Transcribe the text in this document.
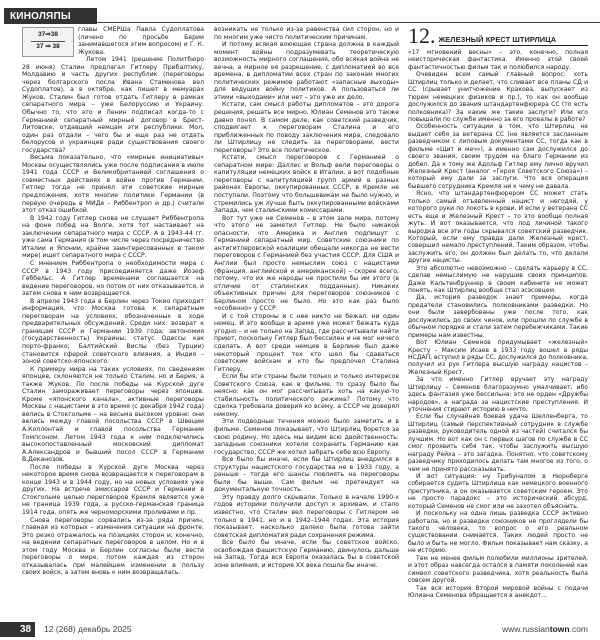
КИНОЛЯПЫ
37⇒38
37 ⇒ 38

главы СМЕРШа Павла Судоплатова (личено по просьбе Берии занимавшегося этим вопросом) и Г. К. Жукова.

Летом 1941 (решение Политбюро 28 июня) Сталин предлагал Гитлеру Прибалтику, Молдавию и часть других республик (переговоры через болгарского посла Ивана Стаменова вел Судоплатов), а в октябре, как пишет в мемуарах Жуков, Сталин был готов отдать Гитлеру в рамках сепаратного мира – уже Белоруссию и Украину. Обычно то, что это и Ленин подписал когда-то с Германией сепаратный мирный договор в Брест-Литовске, отдавший немцам эти республики. Мол, один раз отдали – чего бы и еще раз не отдать белорусов и украинцев ради существования своего государства?

Весьма показательно, что «мирные инициативы» Москвы осуществлялись уже после подписания в июле 1941 года СССР и Великобританией соглашения о совместных действиях в войне против Германии. Гитлер тогда не принял эти советские мирные предложения, хотя многие политики Германии (в первую очередь в МИДе – Риббентроп и др.) считали этот отказ ошибкой.

В 1942 году Гитлер снова не слушает Риббентропа на фоне побед на Волге, хотя тот настаивает на заключении сепаратного мира с СССР. А в 1943-44 гг. уже сама Германия (в том числе через посредничество Италии и Японии, крайне заинтересованных в таком мире) ищет сепаратного мира с СССР.

С мнением Риббентропа о необходимости мира с СССР в 1943 году присоединяется даже Йозеф Геббельс. А Гитлер временами соглашается на ведение переговоров, но потом от них отказывается, и затем снова к ним возвращается.

В апреле 1943 года в Берлин через Токио приходит информация, что Москва готова к сепаратным переговорам на условиях, обозначенных в ходе предварительных обсуждений. Среди них: возврат к границам СССР и Германии 1939 года; автономия (государственность) Украины; статус Одессы как порто-франко; Балтийский Вислы (без Турции) становится сферой советского влияния, а Индия – зоной советско-японского.

К примеру мира на таких условиях, по сведениям японцев, склоняются не только Сталин, но и Берия, а также Жуков. По после победы на Курской дуге Сталин замораживает переговоры через японцев. Кроме «японского канала», активные переговоры Москвы с нацистами в это время (с декабря 1942 года) велись в Стокгольме – на весьма высоком уровне: они велись между главой посольства СССР в Швеции А.Коллонтай и главой посольства Германии Томпсоном. Летом 1943 года к ним подключились высокопоставленный московский дипломат А.Александров и бывший посол СССР в Германии В.Деканозов.

После победы в Курской дуге Москва через некоторое время снова возвращается к переговорам в конце 1943 и в 1944 году, но на новых условиях уже других. На встрече эмиссаров СССР и Германии в Стокгольме целью переговоров Кремля является уже не граница 1939 года, а русско-германская граница 1914 года, опять же черноморскими проливами и пр.

Снова переговоры сорвались из-за ряда причин, главная из которых – изменения ситуации на фронте. Это резко отражалось на позициях сторон и, конечно, на ведении сепаратных переговоров в целом. Но и в этом году Москва и Берлин согласны были вести переговоры о мире, потом каждая из сторон отказывалась при малейшем изменении в пользу своих войск, а затем вновь к ним возвращалась.

возникать не только из-за равенства сил сторон, но и по многим уже чисто политическим причинам.

И потому всякая воюющая страна должна в каждый момент войны подразумевать теоретическую возможность мирного соглашения, обо всякая война не вечна, а мирное ее разрешение, с дипломатией во все времена, в дипломатии всех стран по законам многих политических режимов работают «запасные выходы» для ведущих войну политиков. А пользоваться ли этими «выходами» или нет – это уже их дело.

Кстати, сам смысл работы дипломатов – это дорога решения, решать все мирно. Юлиан Семенов это также давно понял. В самом деле, как советский разведчик, сподвигает к переговорам Сталина и его приближенных по поводу заключения мира, следовало ли Штирлицу не следить за переговорами, вести переговоры? Это все политическое.

Кстати, смысл переговоров с Германией о сепаратном мире: Даллес и Вольф вели переговоры о капитуляции немецких войск в Италии, а вот подобные переговоры с капитуляцией групп армий в разных районах Европы, оккупированных СССР, в Кремле не поступали. Поэтому что большевикам не было нужно, и стремились уж лучше быть оккупированными войсками Запада, чем сталинскими комиссарами.

Вот тут уже не Семенов – в этом зале мира, потому что этого не заметил Гитлер. Не было никакой опасности, что Америка и Англия подпишут с Германией сепаратный мир. Советские союзники по антигитлеровской коалиции обещали никогда не вести переговоров с Германией без участия СССР. Для США и Англии был просто немыслим союз с нацистами (Франция, английской и американской) – скорее всего, потому, что их же народы не простили бы им этого (в отличие от сталинских подданных). Никаких объективных причин для переговоров союзников с Берлином просто не было. Но это как раз было «особенно» у СССР.

И с той стороны и с нее никто не бежал. ни один немец. И это вообще в аремя уже может бежать куда угодно – и не только на Запад, где рассчитывали найти приют, поскольку Гитлер был бессилен и не мог ничего сделать. А вот среди немцев в Берлине был даже некоторый процент тех кто шел бы сдаваться советским войскам и кто бы предпочел Сталина Гитлеру.

Если бы эти страны были только и только интересов Советского Союза, как в фильме, то сразу было бы неясно: как он мог рассчитывать хоть на какую-то стабильность политического режима? Потому что сделка требовала доверия ко всему, а СССР не доверял никому.

Эти подводные течения можно было заметить и в фильме. Семенов показывает, что Штирлиц борется за свою родину. Но здесь мы видим всю двойственность: западные союзники хотели сохранить Германию как государство, СССР же хотел забрать себе всю Европу.

Все было бы иначе, если бы Штирлиц внедрился в структуры нацистского государства не в 1933 году, а раньше – тогда его шансы повлиять на переговоры были бы выше. Сам фильм не претендует на документальную точность.

Эту правду долго скрывали. Только в начале 1990-х годов историки получили доступ к архивам, и стало известно, что Сталин вел переговоры с Гитлером не только в 1941, но и в 1942–1944 годах. Эта история показывает, насколько далеко была готова зайти советская дипломатия ради сохранения режима.

Все было бы иначе, если бы советское войско, освобождая фашистскую Германию, двинулось дальше на Запад. Тогда вся Европа оказалась бы в советской зоне влияния, и история ХХ века пошла бы иначе.

12. ЖЕЛЕЗНЫЙ КРЕСТ ШТИРЛИЦА

«17 мгновений весны» – это, конечно, полная неисторическая фантастика. Именно этой своей фантастичностью фильм так и полюбился народу.

Очевиден всем самый главный вопрос: хоть Штирлиц только и делает, что сливает все планы СД и СС (срывает унитчожение Кракова, выпускает из тюрем немецких физиков и пр.), то как он вообще дослужился до звания штандартенфюрера СС (то есть полковника)? За какие же такие заслуги? Или его повышали по службе именно за его провалы в работе?

Особенность ситуации в том, что Штирлиц не выдает себя за ветерана СС (не является засланным разведчиком с липовым документами СС, тогда как в фильме «Щит и меч»), а именно сам дослужился до своего звания, своим трудом на благо Германии из добел. Да к тому же Адольф Гитлер ему лично вручил Железный Крест (аналог «Героя Советского Союза») – который ему дали за заслуги. Что вся операция бывшего сотрудника Кремля ни к чему не давала.

Ясно, что штандартенфюрером СС может стать только самый отъявленный нацист и негодяй, у которого руки по локоть в крови. И если у ветерана СС есть еще и Железный Крест – то это вообще полная жуть. И вот оказывается, что под личиной такого выродка все эти годы скрывался советский разведчик. Который, если ему правда дали Железный крест, совершил немало преступлений. Таким образом, чтобы заслужить его, он должен был делать то, что делали другие нацисты.

Это абсолютно невозможно – сделать карьеру в СС, сделав немыслимую не нарушив своих принципов. Даже Кальтенбруннер в своем кабинете не может понять, как Штирлиц вообще стал эсэсовцем.

Да, история разведок знает примеры, когда предатели становились полковниками разведки. Но они были завербованы уже после того, как дослужились до своих чинов, или прошли по службе в обычном порядке и стали затем перебежчиками. Такие примеры нам известны.

Вот Юлиан Семенов придумывает «железный» Кресту – Максим Исаев в 1933 году вошел в ряды НСДАП, вступил в ряды СС, дослужился до полковника, получил из рук Гитлера высшую награду нацистов – Железный Крест.

За что именно Гитлер вручает эту награду Штирлицу – Семенов благоразумно умалчивает, ибо здесь фантазия уже бессильна: это не орден «Дружбы народов», а награда за нацистские преступления. И уточнения стирают историю в ничто.

Если бы случайная боевая удача Шелленберга, то Штирлиц (самый перспективный сотрудник в службе разведки, руководитель одной из частей) считался бы лучшим. Но вот как он с первых шагов по службе в СС смог проявить себя так, чтобы заслужить высшую награду Рейха – это загадка. Понятно, что советскому разведчику приходилось делать там многое из того, о чем не принято рассказывать.

И вот ситуация: ну Трибуналом в Нюрнберге собирается судить Штирлица как немецкого военного преступника, а он оказывается советским героем. Это не просто парадокс – это исторический абсурд, который Семенов не смог или не захотел объяснить.

И поскольку на одна лишь разведка СССР активно работала, но и разведки союзников не проглядели бы такого человека, то вопрос о его реальном существовании снимается. Таких людей просто не было и быть не могло. Фильм показывает нам сказку, а не историю.

Тем не менее фильм полюбили миллионы зрителей, и этот образ навсегда остался в памяти поколений как символ советского разведчика, хотя реальность была совсем другой.

Так вся история Второй мировой войны с подачи Юлиана Семенова обращается в анекдот…

38	12 (268) декабрь 2025	www.russiantown.com
